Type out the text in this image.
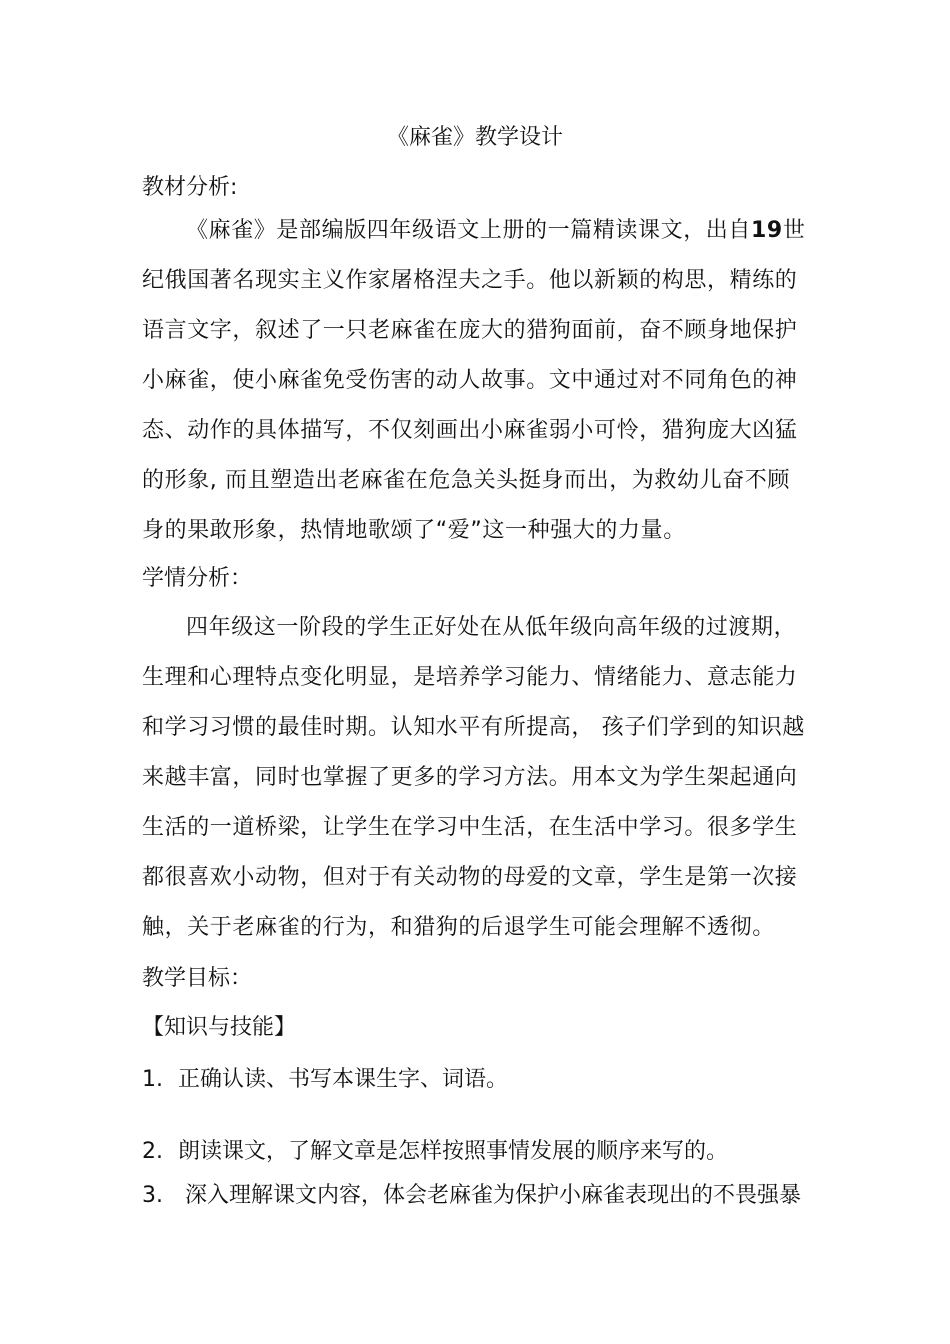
《麻雀》教学设计
教材分析:
《麻雀》是部编版四年级语文上册的一篇精读课文，出自19世纪俄国著名现实主义作家屠格涅夫之手。他以新颖的构思，精练的语言文字，叙述了一只老麻雀在庞大的猎狗面前，奋不顾身地保护小麻雀，使小麻雀免受伤害的动人故事。文中通过对不同角色的神态、动作的具体描写，不仅刻画出小麻雀弱小可怜，猎狗庞大凶猛的形象, 而且塑造出老麻雀在危急关头挺身而出，为救幼儿奋不顾身的果敢形象，热情地歌颂了“爱”这一种强大的力量。
学情分析：
四年级这一阶段的学生正好处在从低年级向高年级的过渡期，生理和心理特点变化明显，是培养学习能力、情绪能力、意志能力和学习习惯的最佳时期。认知水平有所提高， 孩子们学到的知识越来越丰富，同时也掌握了更多的学习方法。用本文为学生架起通向生活的一道桥梁，让学生在学习中生活，在生活中学习。很多学生都很喜欢小动物，但对于有关动物的母爱的文章，学生是第一次接触，关于老麻雀的行为，和猎狗的后退学生可能会理解不透彻。
教学目标：
【知识与技能】
1. 正确认读、书写本课生字、词语。
2. 朗读课文，了解文章是怎样按照事情发展的顺序来写的。
3. 深入理解课文内容，体会老麻雀为保护小麻雀表现出的不畏强暴
